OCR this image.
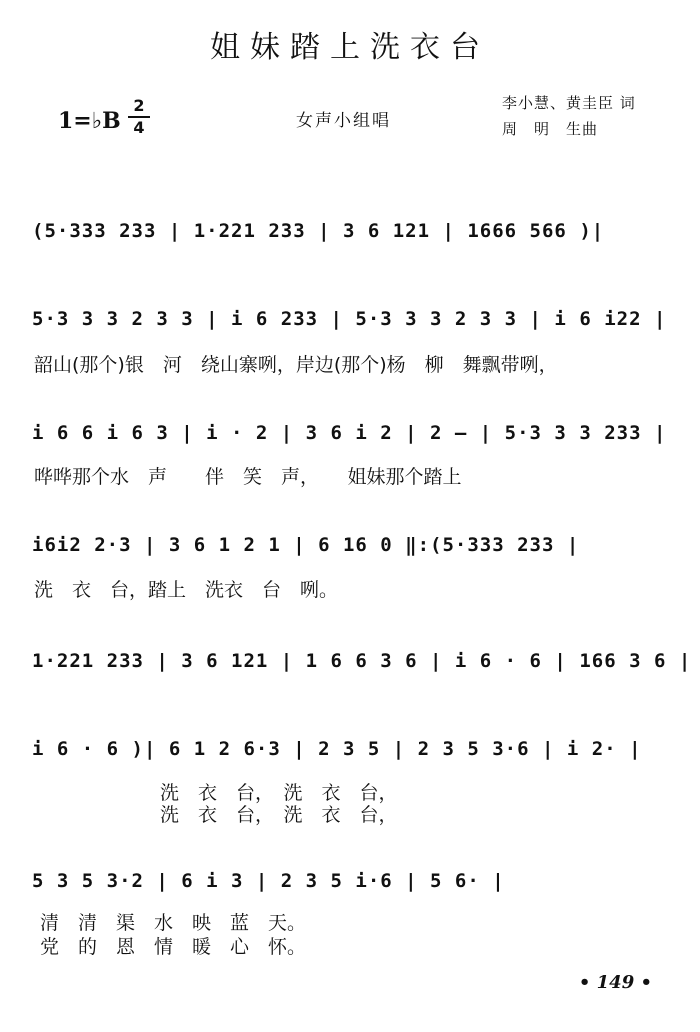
姐妹踏上洗衣台
1=♭B
2
4	女声小组唱
李小慧、黄圭臣 词
周　明　生曲
(5·333 233 | 1·221 233 | 3 6 121 | 1666 566 )|
5·3 3 3 2 3 3 | i 6 233 | 5·3 3 3 2 3 3 | i 6 i22 |
韶山(那个)银　河　绕山寨咧，岸边(那个)杨　柳　舞飘带咧，
i 6 6 i 6 3 | i · 2 | 3 6 i 2 | 2 — | 5·3 3 3 233 |
哗哗那个水　声　　伴　笑　声，　　姐妹那个踏上
i6i2 2·3 | 3 6 1 2 1 | 6 16 0 ‖:(5·333 233 |
洗　衣　台，踏上　洗衣　台　咧。
1·221 233 | 3 6 121 | 1 6 6 3 6 | i 6 · 6 | 166 3 6 |
i 6 · 6 )| 6 1 2 6·3 | 2 3 5 | 2 3 5 3·6 | i 2· |
洗　衣　台，　洗　衣　台，
洗　衣　台，　洗　衣　台，
5 3 5 3·2 | 6 i 3 | 2 3 5 i·6 | 5 6· |
清　清　渠　水　映　蓝　天。
党　的　恩　情　暖　心　怀。
• 149 •
